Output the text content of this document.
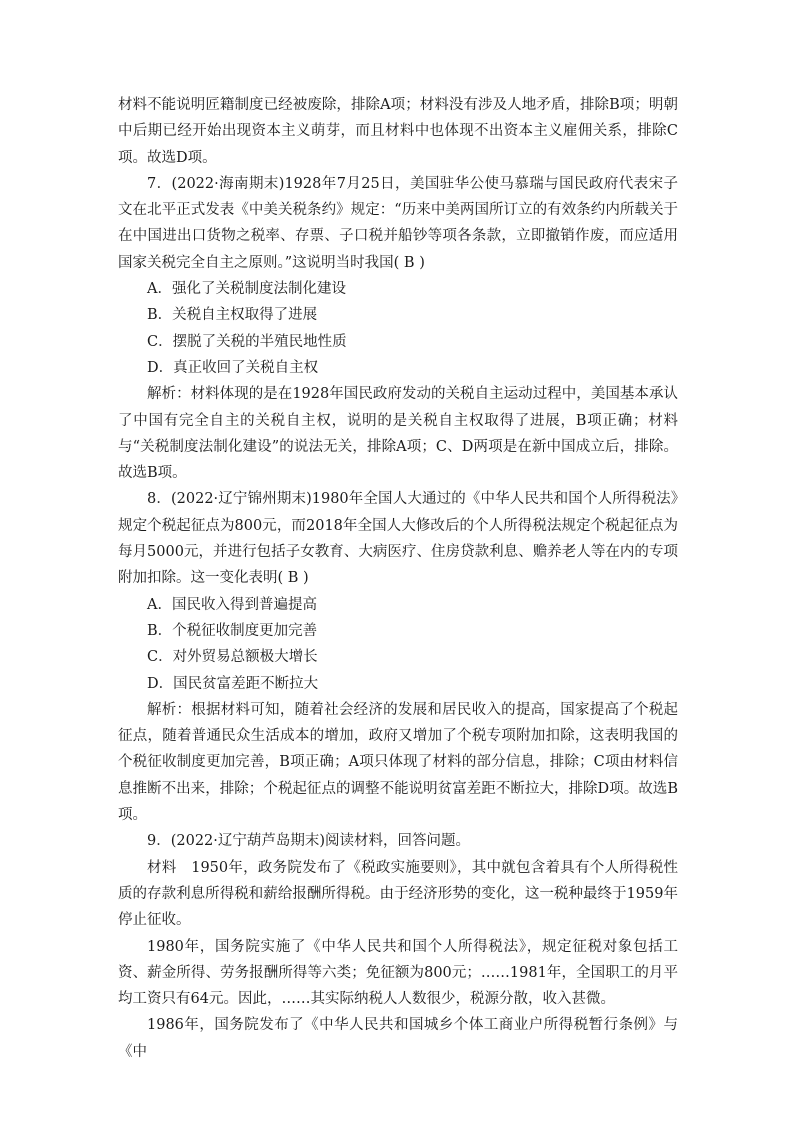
材料不能说明匠籍制度已经被废除，排除A项；材料没有涉及人地矛盾，排除B项；明朝中后期已经开始出现资本主义萌芽，而且材料中也体现不出资本主义雇佣关系，排除C项。故选D项。

7．(2022·海南期末)1928年7月25日，美国驻华公使马慕瑞与国民政府代表宋子文在北平正式发表《中美关税条约》规定：“历来中美两国所订立的有效条约内所载关于在中国进出口货物之税率、存票、子口税并船钞等项各条款，立即撤销作废，而应适用国家关税完全自主之原则。”这说明当时我国( B )

A．强化了关税制度法制化建设

B．关税自主权取得了进展

C．摆脱了关税的半殖民地性质

D．真正收回了关税自主权

解析：材料体现的是在1928年国民政府发动的关税自主运动过程中，美国基本承认了中国有完全自主的关税自主权，说明的是关税自主权取得了进展，B项正确；材料与“关税制度法制化建设”的说法无关，排除A项；C、D两项是在新中国成立后，排除。故选B项。

8．(2022·辽宁锦州期末)1980年全国人大通过的《中华人民共和国个人所得税法》规定个税起征点为800元，而2018年全国人大修改后的个人所得税法规定个税起征点为每月5000元，并进行包括子女教育、大病医疗、住房贷款利息、赡养老人等在内的专项附加扣除。这一变化表明( B )

A．国民收入得到普遍提高

B．个税征收制度更加完善

C．对外贸易总额极大增长

D．国民贫富差距不断拉大

解析：根据材料可知，随着社会经济的发展和居民收入的提高，国家提高了个税起征点，随着普通民众生活成本的增加，政府又增加了个税专项附加扣除，这表明我国的个税征收制度更加完善，B项正确；A项只体现了材料的部分信息，排除；C项由材料信息推断不出来，排除；个税起征点的调整不能说明贫富差距不断拉大，排除D项。故选B项。

9．(2022·辽宁葫芦岛期末)阅读材料，回答问题。

材料　1950年，政务院发布了《税政实施要则》，其中就包含着具有个人所得税性质的存款利息所得税和薪给报酬所得税。由于经济形势的变化，这一税种最终于1959年停止征收。

1980年，国务院实施了《中华人民共和国个人所得税法》，规定征税对象包括工资、薪金所得、劳务报酬所得等六类；免征额为800元；……1981年，全国职工的月平均工资只有64元。因此，……其实际纳税人人数很少，税源分散，收入甚微。

1986年，国务院发布了《中华人民共和国城乡个体工商业户所得税暂行条例》与《中
